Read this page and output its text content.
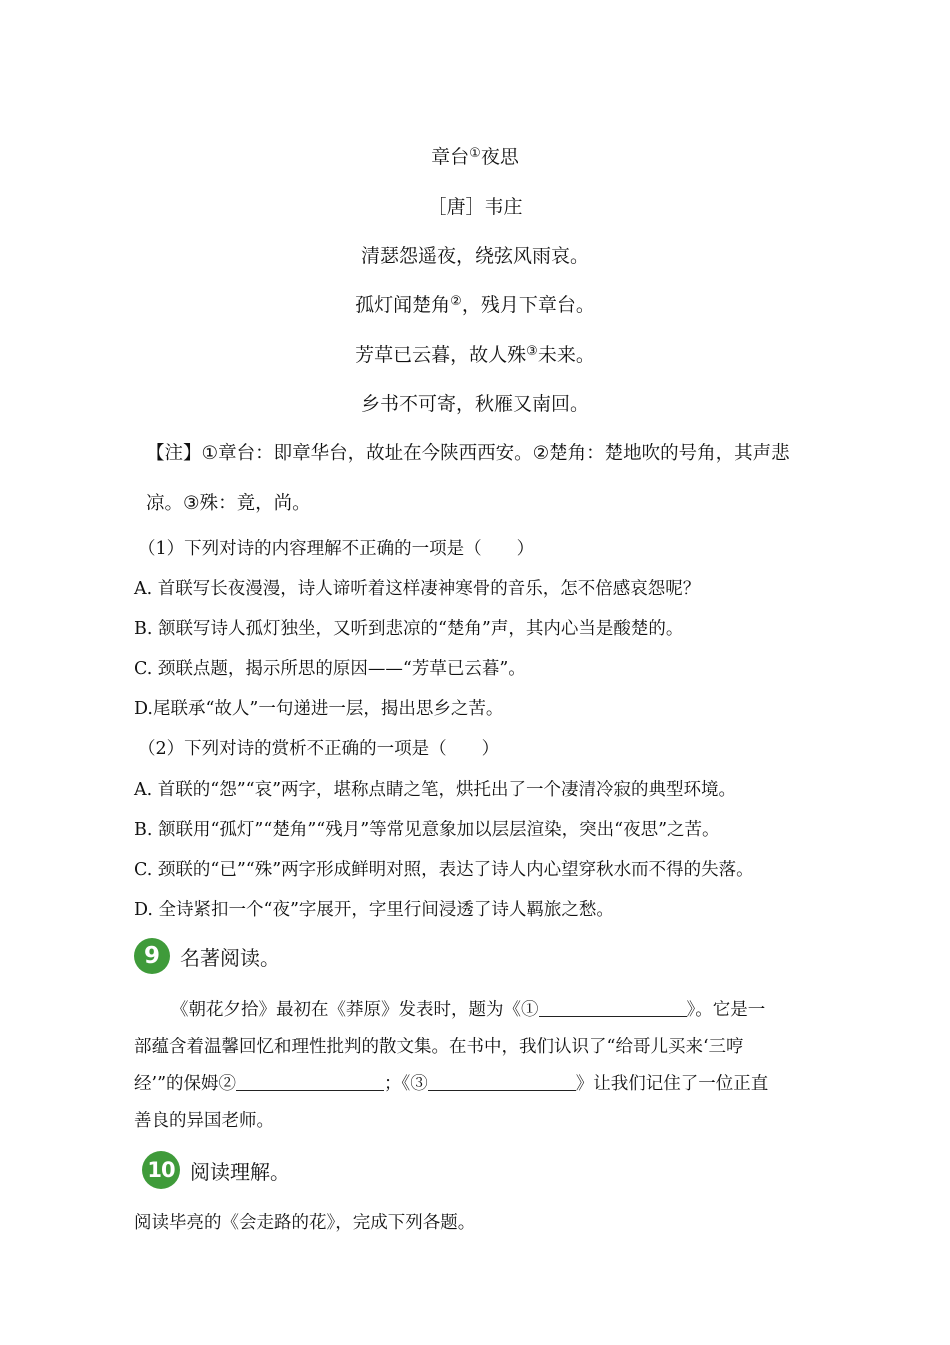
章台①夜思
［唐］韦庄
清瑟怨遥夜，绕弦风雨哀。
孤灯闻楚角②，残月下章台。
芳草已云暮，故人殊③未来。
乡书不可寄，秋雁又南回。
【注】①章台：即章华台，故址在今陕西西安。②楚角：楚地吹的号角，其声悲
凉。③殊：竟，尚。
（1）下列对诗的内容理解不正确的一项是（　　）
A. 首联写长夜漫漫，诗人谛听着这样凄神寒骨的音乐，怎不倍感哀怨呢？
B. 颔联写诗人孤灯独坐，又听到悲凉的“楚角”声，其内心当是酸楚的。
C. 颈联点题，揭示所思的原因——“芳草已云暮”。
D.尾联承“故人”一句递进一层，揭出思乡之苦。
（2）下列对诗的赏析不正确的一项是（　　）
A. 首联的“怨”“哀”两字，堪称点睛之笔，烘托出了一个凄清冷寂的典型环境。
B. 颔联用“孤灯”“楚角”“残月”等常见意象加以层层渲染，突出“夜思”之苦。
C. 颈联的“已”“殊”两字形成鲜明对照，表达了诗人内心望穿秋水而不得的失落。
D. 全诗紧扣一个“夜”字展开，字里行间浸透了诗人羁旅之愁。
9	名著阅读。
《朝花夕拾》最初在《莽原》发表时，题为《①	》。它是一
部蕴含着温馨回忆和理性批判的散文集。在书中，我们认识了“给哥儿买来‘三哼
经’”的保姆②	；《③	》让我们记住了一位正直
善良的异国老师。
10 阅读理解。
阅读毕亮的《会走路的花》，完成下列各题。
